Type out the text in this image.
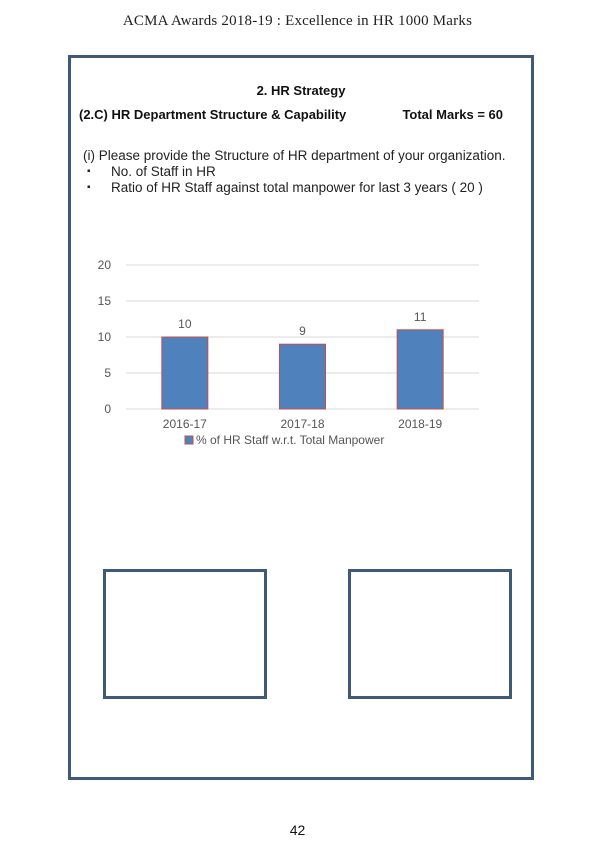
ACMA Awards 2018-19 : Excellence in HR 1000 Marks
2. HR Strategy
(2.C) HR Department Structure & Capability	Total Marks = 60
(i) Please provide the Structure of HR department of your organization.
▪	No. of Staff in HR
▪	Ratio of HR Staff against total manpower for last 3 years ( 20 )
0
5
10
15
20
10
2016-17
9
2017-18
11
2018-19
% of HR Staff w.r.t. Total Manpower
42
